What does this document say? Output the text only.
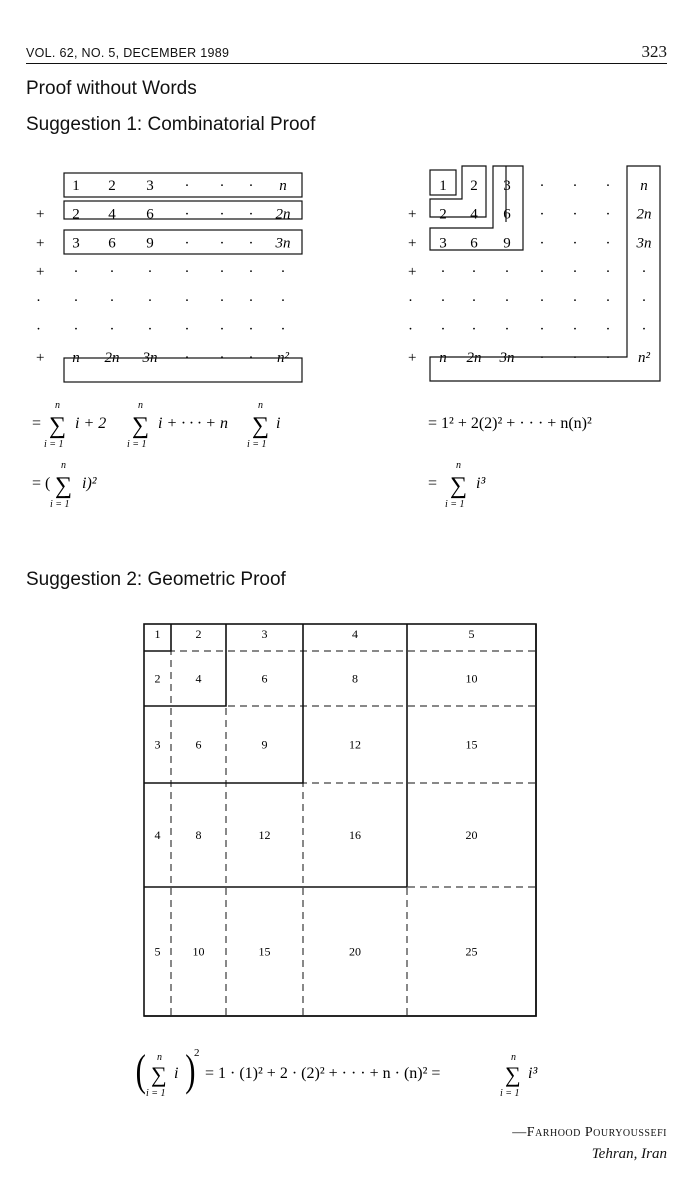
VOL. 62, NO. 5, DECEMBER 1989	323
Proof without Words
Suggestion 1: Combinatorial Proof
1 2 3 · · · n
+ 2 4 6 · · · 2n
+ 3 6 9 · · · 3n
+ · · · · · · ·
· · · · · · · ·
· · · · · · · ·
+ n 2n 3n · · · n²
= ∑
n
i = 1
i + 2 ∑
n
i = 1
i + · · · + n ∑
n
i = 1
i
= ( ∑
n
i = 1
i)²
1 2 3 · · · n
+ 2 4 6 · · · 2n
+ 3 6 9 · · · 3n
+ · · · · · · ·
· · · · · · · ·
· · · · · · · ·
+ n 2n 3n · · · n²
= 1² + 2(2)² + · · · + n(n)²
= ∑
n
i = 1
i³
Suggestion 2: Geometric Proof
1	2	3	4	5
2	4	6	8	10
3	6	9	12	15
4	8	12	16	20
5	10	15	20	25
( ∑
n
i = 1
i )
2
= 1 · (1)² + 2 · (2)² + · · · + n · (n)² =	∑
n
i = 1
i³
—Farhood Pouryoussefi
Tehran, Iran
